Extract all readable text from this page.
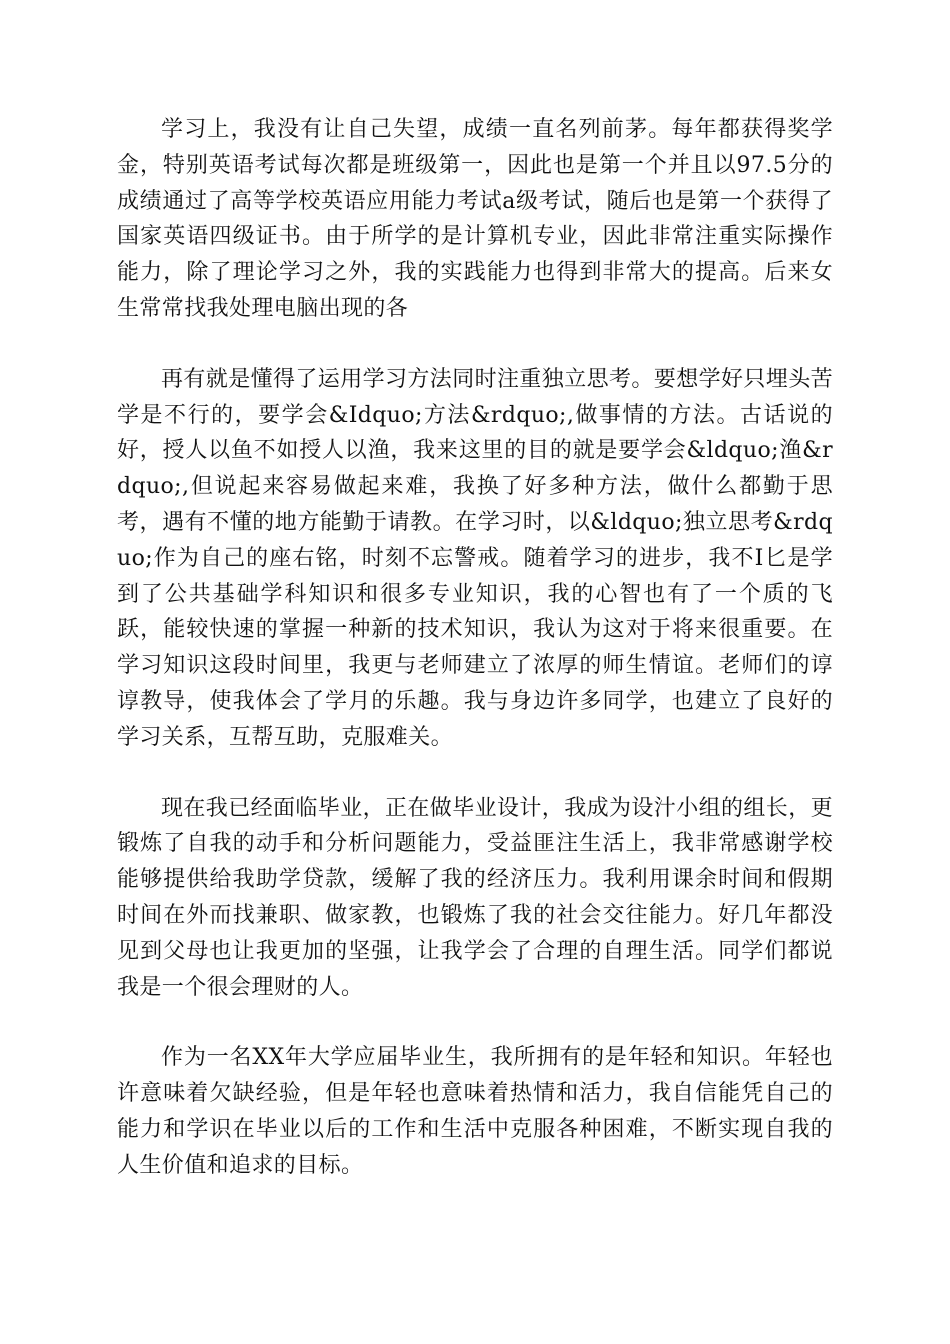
学习上，我没有让自己失望，成绩一直名列前茅。每年都获得奖学金，特别英语考试每次都是班级第一，因此也是第一个并且以97.5分的成绩通过了高等学校英语应用能力考试a级考试，随后也是第一个获得了国家英语四级证书。由于所学的是计算机专业，因此非常注重实际操作能力，除了理论学习之外，我的实践能力也得到非常大的提高。后来女生常常找我处理电脑出现的各

再有就是懂得了运用学习方法同时注重独立思考。要想学好只埋头苦学是不行的，要学会&Idquo;方法&rdquo;,做事情的方法。古话说的好，授人以鱼不如授人以渔，我来这里的目的就是要学会&ldquo;渔&rdquo;,但说起来容易做起来难，我换了好多种方法，做什么都勤于思考，遇有不懂的地方能勤于请教。在学习时，以&ldquo;独立思考&rdquo;作为自己的座右铭，时刻不忘警戒。随着学习的进步，我不I匕是学到了公共基础学科知识和很多专业知识，我的心智也有了一个质的飞跃，能较快速的掌握一种新的技术知识，我认为这对于将来很重要。在学习知识这段时间里，我更与老师建立了浓厚的师生情谊。老师们的谆谆教导，使我体会了学月的乐趣。我与身边许多同学，也建立了良好的学习关系，互帮互助，克服难关。

现在我已经面临毕业，正在做毕业设计，我成为设汁小组的组长，更锻炼了自我的动手和分析问题能力，受益匪注生活上，我非常感谢学校能够提供给我助学贷款，缓解了我的经济压力。我利用课余时间和假期时间在外而找兼职、做家教，也锻炼了我的社会交往能力。好几年都没见到父母也让我更加的坚强，让我学会了合理的自理生活。同学们都说我是一个很会理财的人。

作为一名XX年大学应届毕业生，我所拥有的是年轻和知识。年轻也许意味着欠缺经验，但是年轻也意味着热情和活力，我自信能凭自己的能力和学识在毕业以后的工作和生活中克服各种困难，不断实现自我的人生价值和追求的目标。
